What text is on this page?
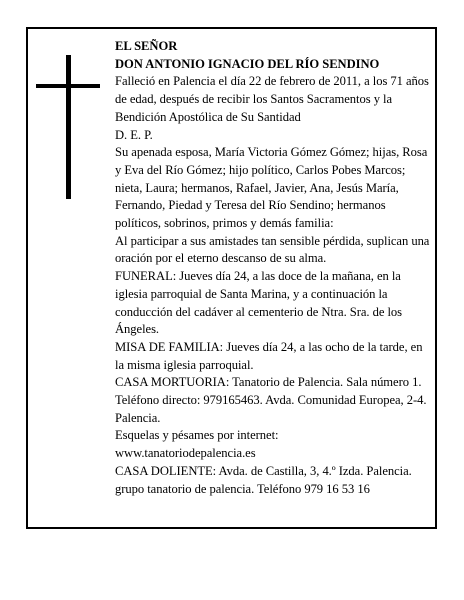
EL SEÑOR

DON ANTONIO IGNACIO DEL RÍO SENDINO

Falleció en Palencia el día 22 de febrero de 2011, a los 71 años de edad, después de recibir los Santos Sacramentos y la Bendición Apostólica de Su Santidad

D. E. P.

Su apenada esposa, María Victoria Gómez Gómez; hijas, Rosa y Eva del Río Gómez; hijo político, Carlos Pobes Marcos; nieta, Laura; hermanos, Rafael, Javier, Ana, Jesús María, Fernando, Piedad y Teresa del Río Sendino; hermanos políticos, sobrinos, primos y demás familia:

Al participar a sus amistades tan sensible pérdida, suplican una oración por el eterno descanso de su alma.

FUNERAL: Jueves día 24, a las doce de la mañana, en la iglesia parroquial de Santa Marina, y a continuación la conducción del cadáver al cementerio de Ntra. Sra. de los Ángeles.

MISA DE FAMILIA: Jueves día 24, a las ocho de la tarde, en la misma iglesia parroquial.

CASA MORTUORIA: Tanatorio de Palencia. Sala número 1. Teléfono directo: 979165463. Avda. Comunidad Europea, 2-4. Palencia.

Esquelas y pésames por internet:

www.tanatoriodepalencia.es

CASA DOLIENTE: Avda. de Castilla, 3, 4.º Izda. Palencia.

grupo tanatorio de palencia. Teléfono 979 16 53 16
